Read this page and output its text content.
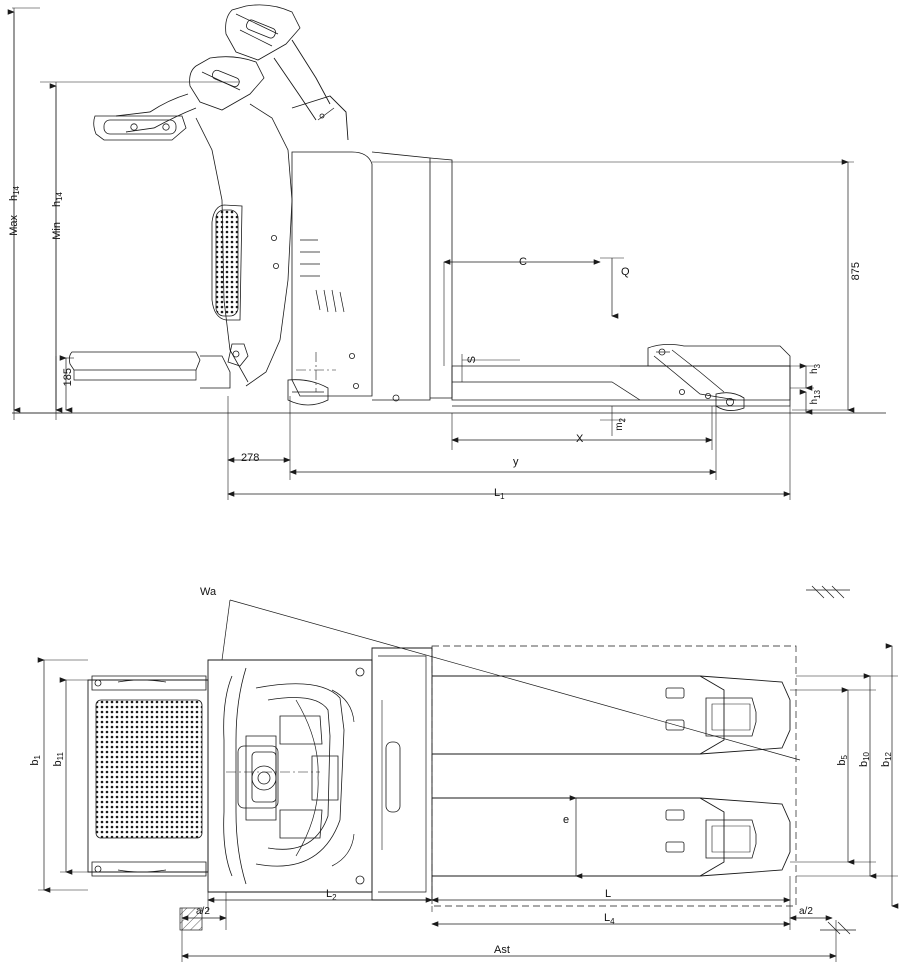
$h_{14}$
Max
$h_{14}$
Min
875
185
C
Q
S
$h_3$
$h_{13}$
$m_2$
X
278	y
$L_1$
Wa
$b_1$
$b_{11}$
$b_5$
$b_{10}$
$b_{12}$
e
$L_2$	L
a/2
$L_4$
a/2
Ast
